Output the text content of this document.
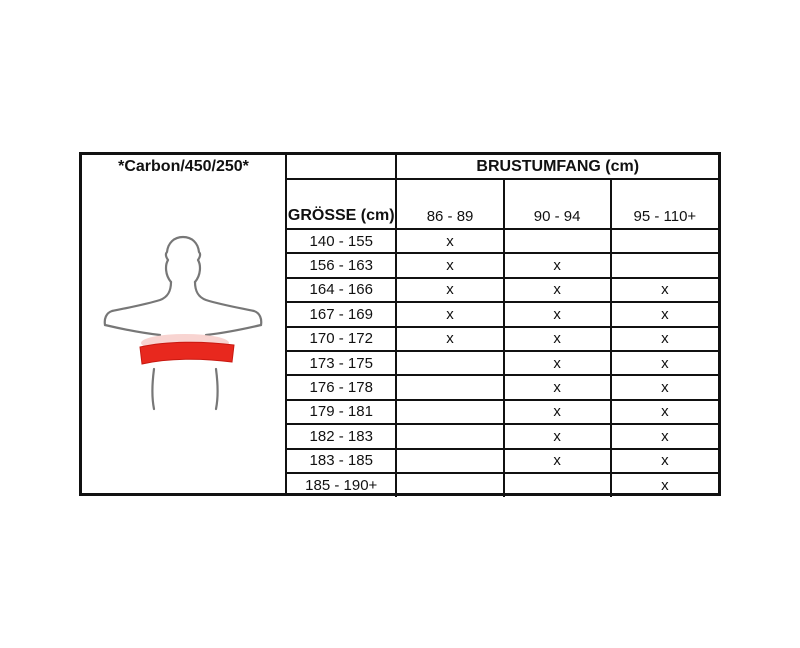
*Carbon/450/250*
		BRUSTUMFANG (cm)		
GRÖSSE (cm)	86 - 89	90 - 94	95 - 110+
140 - 155	x		
156 - 163	x	x	
164 - 166	x	x	x
167 - 169	x	x	x
170 - 172	x	x	x
173 - 175		x	x
176 - 178		x	x
179 - 181		x	x
182 - 183		x	x
183 - 185		x	x
185 - 190+			x
